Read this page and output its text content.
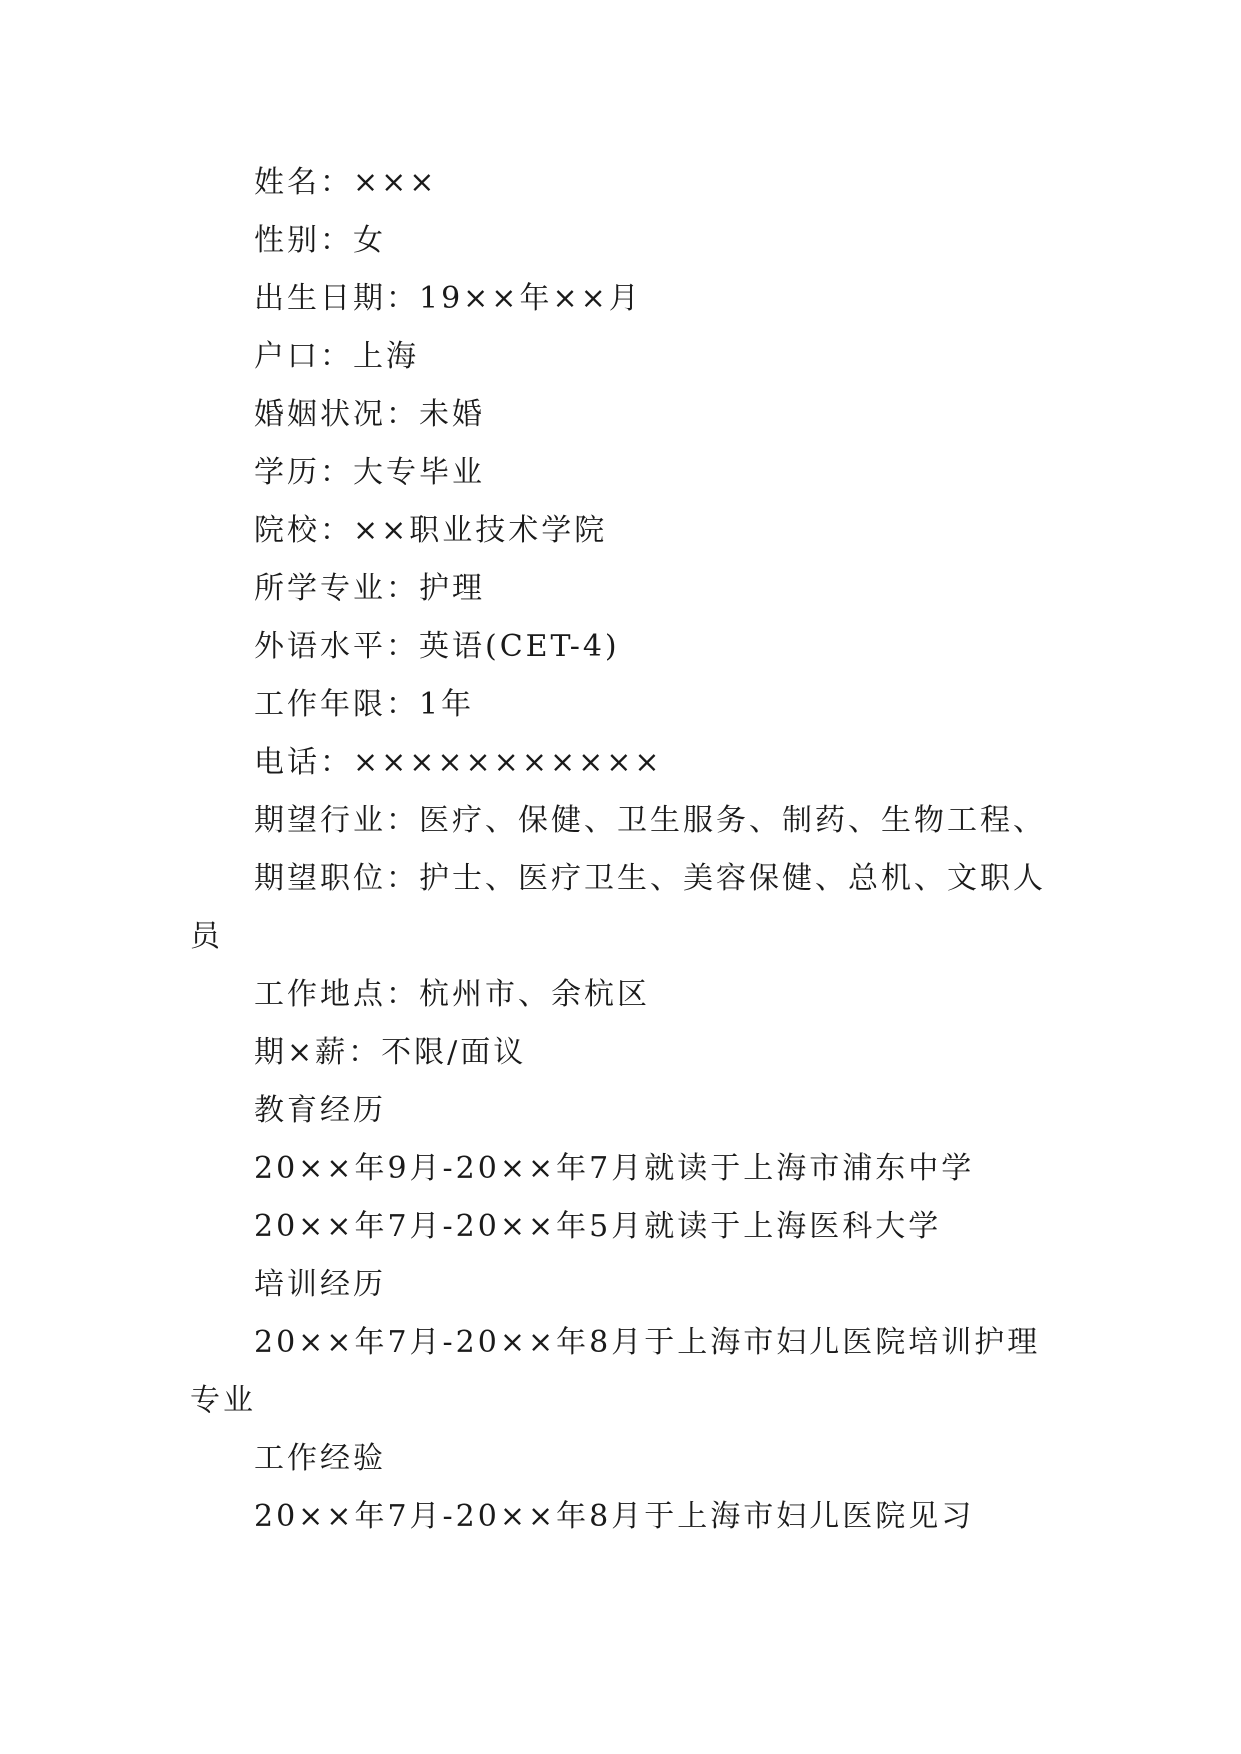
姓名：×××

性别：女

出生日期：19××年××月

户口：上海

婚姻状况：未婚

学历：大专毕业

院校：××职业技术学院

所学专业：护理

外语水平：英语(CET-4)

工作年限：1年

电话：×××××××××××

期望行业：医疗、保健、卫生服务、制药、生物工程、

期望职位：护士、医疗卫生、美容保健、总机、文职人员

工作地点：杭州市、余杭区

期×薪：不限/面议

教育经历

20××年9月-20××年7月就读于上海市浦东中学

20××年7月-20××年5月就读于上海医科大学

培训经历

20××年7月-20××年8月于上海市妇儿医院培训护理专业

工作经验

20××年7月-20××年8月于上海市妇儿医院见习
